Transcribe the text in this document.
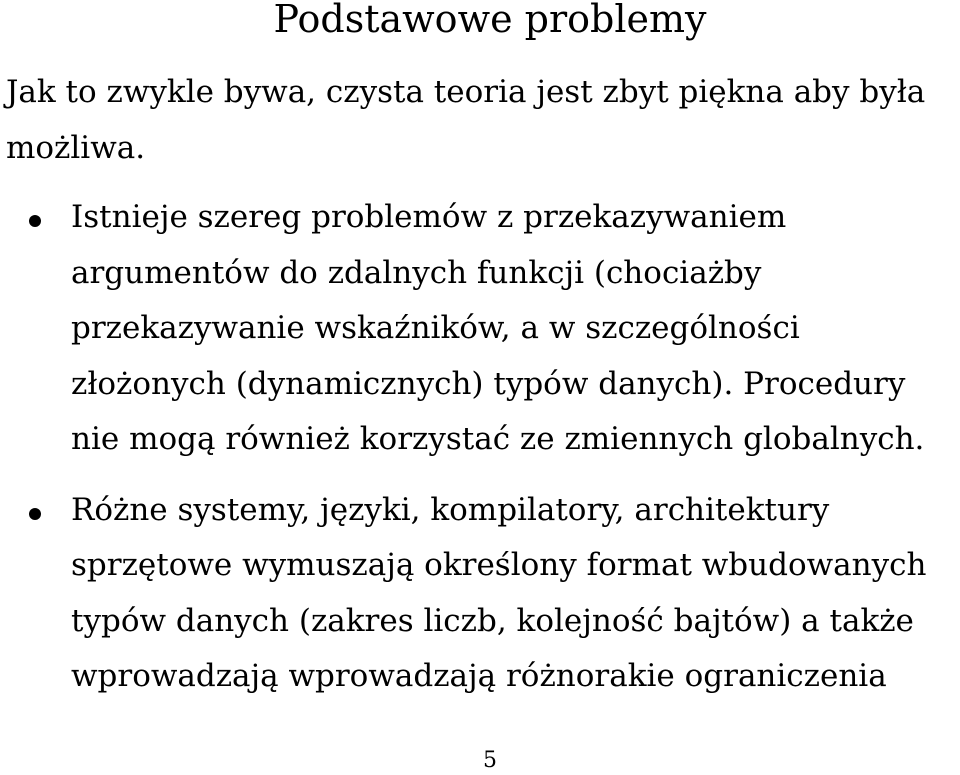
Podstawowe problemy
Jak to zwykle bywa, czysta teoria jest zbyt piękna aby była możliwa.
Istnieje szereg problemów z przekazywaniem argumentów do zdalnych funkcji (chociażby przekazywanie wskaźników, a w szczególności złożonych (dynamicznych) typów danych). Procedury nie mogą również korzystać ze zmiennych globalnych.
Różne systemy, języki, kompilatory, architektury sprzętowe wymuszają określony format wbudowanych typów danych (zakres liczb, kolejność bajtów) a także wprowadzają wprowadzają różnorakie ograniczenia
5
